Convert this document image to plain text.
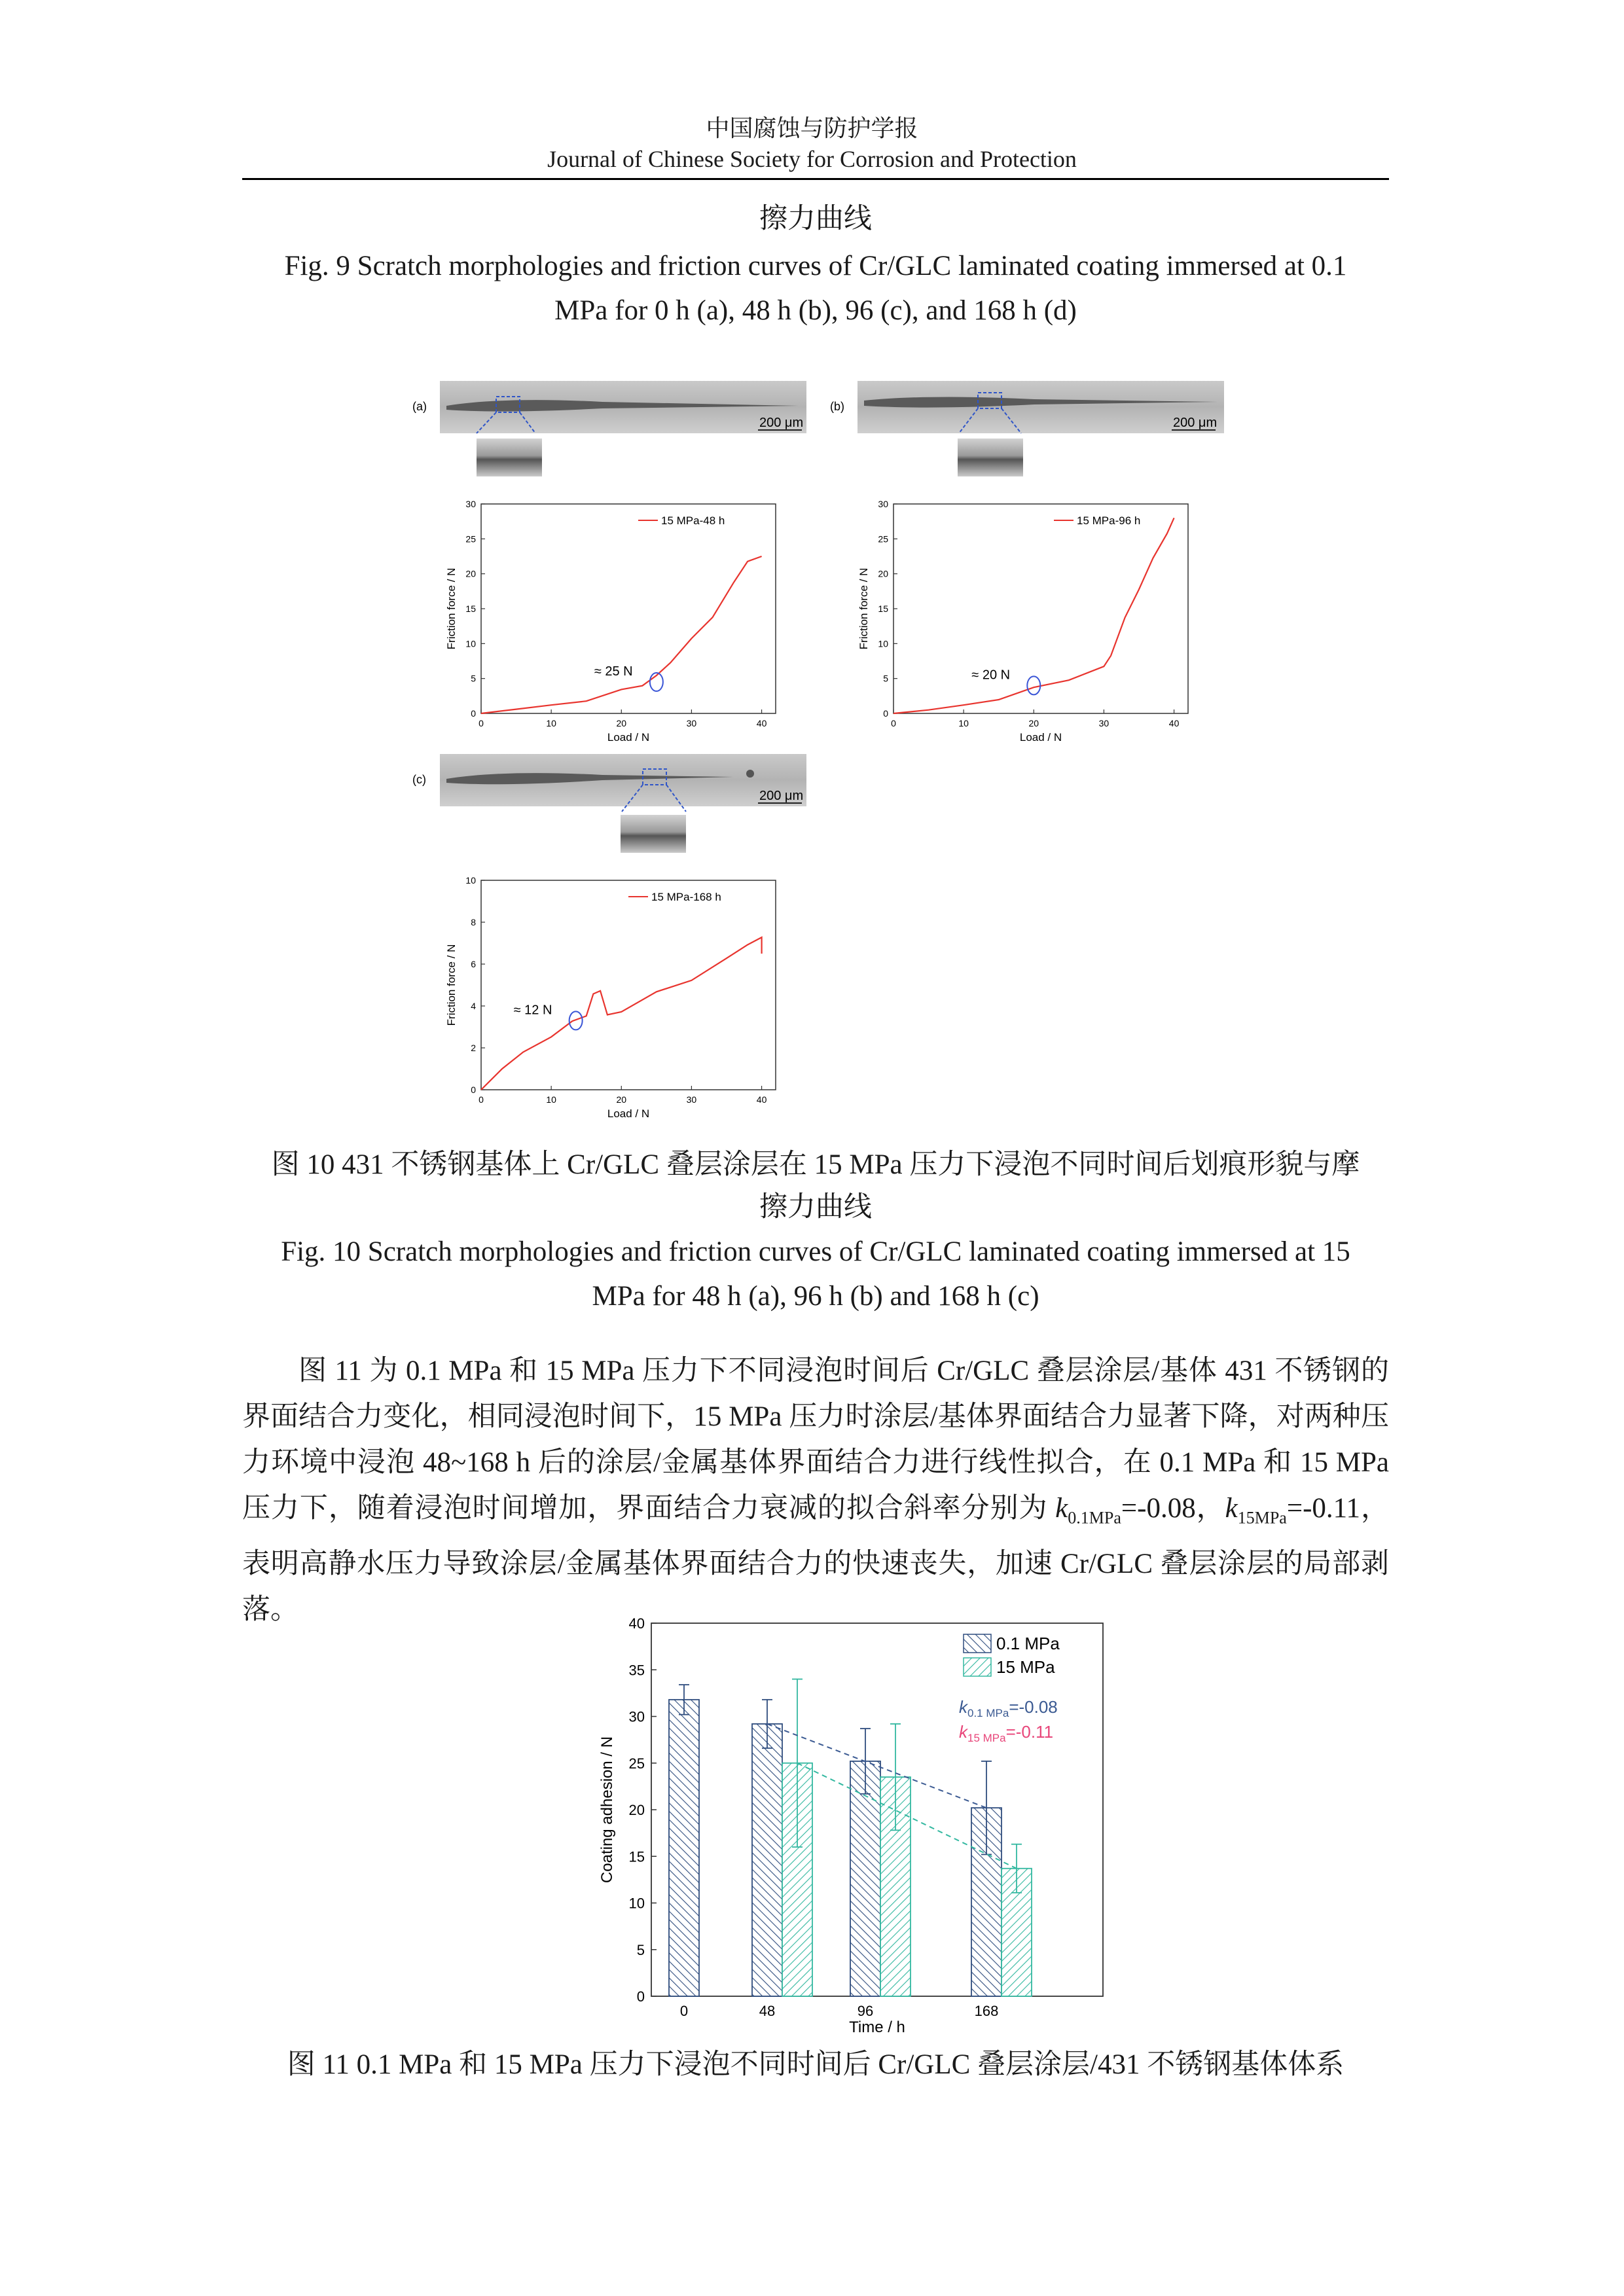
中国腐蚀与防护学报
Journal of Chinese Society for Corrosion and Protection
擦力曲线
Fig. 9 Scratch morphologies and friction curves of Cr/GLC laminated coating immersed at 0.1
MPa for 0 h (a), 48 h (b), 96 (c), and 168 h (d)
(a)
200 μm
0
5
10
15
20
25
30
0	10	20	30	40
≈ 25 N
15 MPa-48 h
Load / N
Friction force / N
(b)
200 μm
0
5
10
15
20
25
30
0	10	20	30	40
≈ 20 N
15 MPa-96 h
Load / N
Friction force / N
(c)
200 μm
0
2
4
6
8
10
0	10	20	30	40
≈ 12 N
15 MPa-168 h
Load / N
Friction force / N
图 10 431 不锈钢基体上 Cr/GLC 叠层涂层在 15 MPa 压力下浸泡不同时间后划痕形貌与摩
擦力曲线
Fig. 10 Scratch morphologies and friction curves of Cr/GLC laminated coating immersed at 15
MPa for 48 h (a), 96 h (b) and 168 h (c)
图 11 为 0.1 MPa 和 15 MPa 压力下不同浸泡时间后 Cr/GLC 叠层涂层/基体 431 不锈钢的界面结合力变化，相同浸泡时间下，15 MPa 压力时涂层/基体界面结合力显著下降，对两种压力环境中浸泡 48~168 h 后的涂层/金属基体界面结合力进行线性拟合，在 0.1 MPa 和 15 MPa 压力下，随着浸泡时间增加，界面结合力衰减的拟合斜率分别为 $k_{0.1MPa}=-0.08$，$k_{15MPa}=-0.11$，表明高静水压力导致涂层/金属基体界面结合力的快速丧失，加速 Cr/GLC 叠层涂层的局部剥落。
0
5
10
15
20
25
30
35
40
0	48	96	168
0.1 MPa
15 MPa
$k_{0.1 MPa}=-0.08$
$k_{15 MPa}=-0.11$
Time / h
Coating adhesion / N
图 11 0.1 MPa 和 15 MPa 压力下浸泡不同时间后 Cr/GLC 叠层涂层/431 不锈钢基体体系
